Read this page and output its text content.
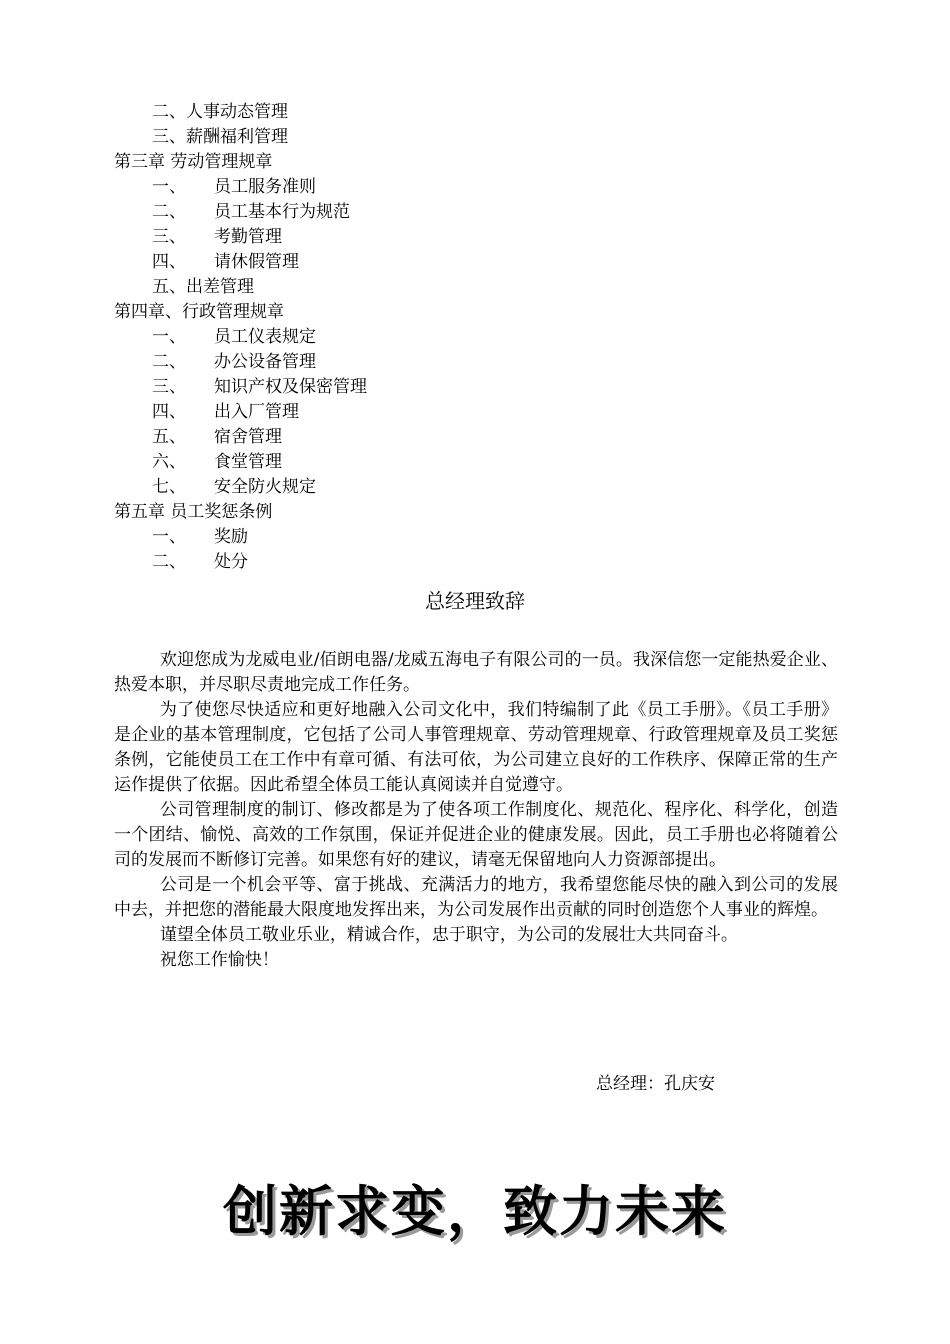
二、人事动态管理
三、薪酬福利管理
第三章 劳动管理规章
一、 员工服务准则
二、 员工基本行为规范
三、 考勤管理
四、 请休假管理
五、出差管理
第四章、行政管理规章
一、 员工仪表规定
二、 办公设备管理
三、 知识产权及保密管理
四、 出入厂管理
五、 宿舍管理
六、 食堂管理
七、 安全防火规定
第五章 员工奖惩条例
一、 奖励
二、 处分
总经理致辞

欢迎您成为龙威电业/佰朗电器/龙威五海电子有限公司的一员。我深信您一定能热爱企业、热爱本职，并尽职尽责地完成工作任务。

为了使您尽快适应和更好地融入公司文化中，我们特编制了此《员工手册》。《员工手册》是企业的基本管理制度，它包括了公司人事管理规章、劳动管理规章、行政管理规章及员工奖惩条例，它能使员工在工作中有章可循、有法可依，为公司建立良好的工作秩序、保障正常的生产运作提供了依据。因此希望全体员工能认真阅读并自觉遵守。

公司管理制度的制订、修改都是为了使各项工作制度化、规范化、程序化、科学化，创造一个团结、愉悦、高效的工作氛围，保证并促进企业的健康发展。因此，员工手册也必将随着公司的发展而不断修订完善。如果您有好的建议，请毫无保留地向人力资源部提出。

公司是一个机会平等、富于挑战、充满活力的地方，我希望您能尽快的融入到公司的发展中去，并把您的潜能最大限度地发挥出来，为公司发展作出贡献的同时创造您个人事业的辉煌。

谨望全体员工敬业乐业，精诚合作，忠于职守，为公司的发展壮大共同奋斗。

祝您工作愉快！

总经理：孔庆安
创新求变，致力未来
